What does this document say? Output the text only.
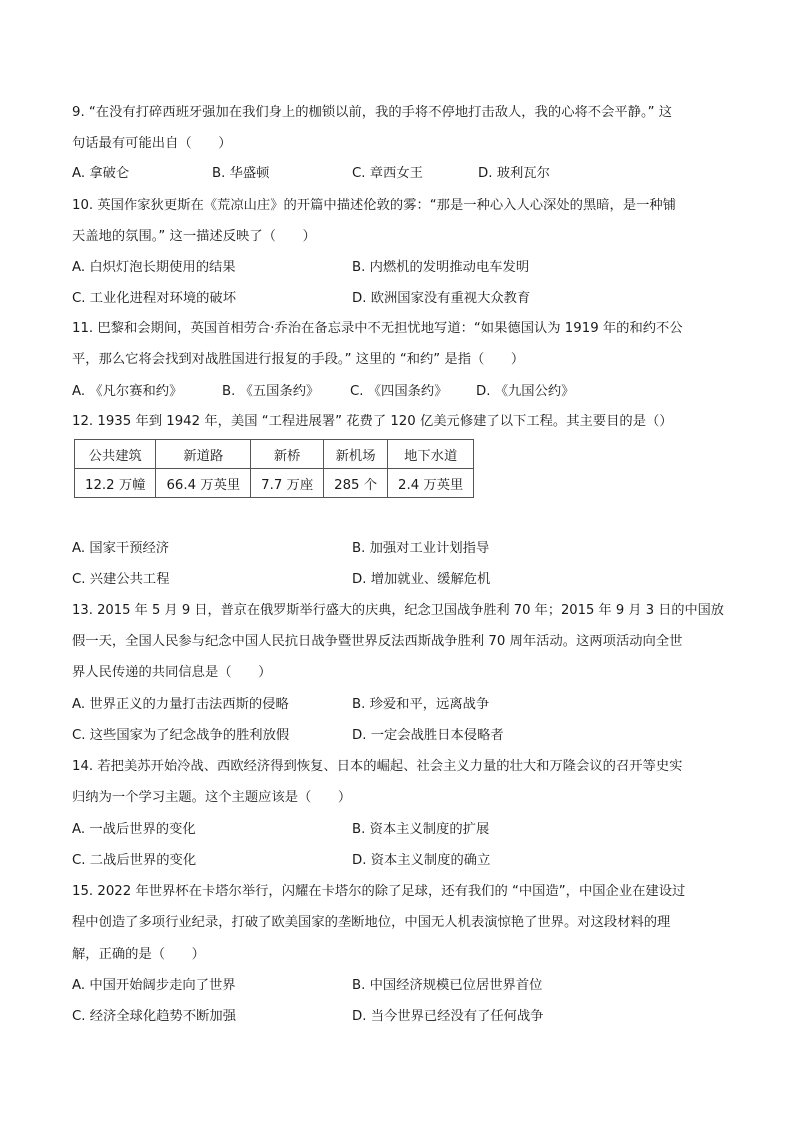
9. “在没有打碎西班牙强加在我们身上的枷锁以前，我的手将不停地打击敌人，我的心将不会平静。” 这
句话最有可能出自（　　）
A. 拿破仑	B. 华盛顿	C. 章西女王	D. 玻利瓦尔
10. 英国作家狄更斯在《荒凉山庄》的开篇中描述伦敦的雾：“那是一种心入人心深处的黑暗，是一种铺
天盖地的氛围。” 这一描述反映了（　　）
A. 白炽灯泡长期使用的结果	B. 内燃机的发明推动电车发明
C. 工业化进程对环境的破坏	D. 欧洲国家没有重视大众教育
11. 巴黎和会期间，英国首相劳合·乔治在备忘录中不无担忧地写道：“如果德国认为 1919 年的和约不公
平，那么它将会找到对战胜国进行报复的手段。” 这里的 “和约” 是指（　　）
A. 《凡尔赛和约》	B. 《五国条约》 C. 《四国条约》 D. 《九国公约》
12. 1935 年到 1942 年，美国 “工程进展署” 花费了 120 亿美元修建了以下工程。其主要目的是（）
公共建筑	新道路	新桥	新机场	地下水道
12.2 万幢	66.4 万英里	7.7 万座	285 个	2.4 万英里
A. 国家干预经济	B. 加强对工业计划指导
C. 兴建公共工程	D. 增加就业、缓解危机
13. 2015 年 5 月 9 日，普京在俄罗斯举行盛大的庆典，纪念卫国战争胜利 70 年；2015 年 9 月 3 日的中国放
假一天，全国人民参与纪念中国人民抗日战争暨世界反法西斯战争胜利 70 周年活动。这两项活动向全世
界人民传递的共同信息是（　　）
A. 世界正义的力量打击法西斯的侵略	B. 珍爱和平，远离战争
C. 这些国家为了纪念战争的胜利放假	D. 一定会战胜日本侵略者
14. 若把美苏开始冷战、西欧经济得到恢复、日本的崛起、社会主义力量的壮大和万隆会议的召开等史实
归纳为一个学习主题。这个主题应该是（　　）
A. 一战后世界的变化	B. 资本主义制度的扩展
C. 二战后世界的变化	D. 资本主义制度的确立
15. 2022 年世界杯在卡塔尔举行，闪耀在卡塔尔的除了足球，还有我们的 “中国造”，中国企业在建设过
程中创造了多项行业纪录，打破了欧美国家的垄断地位，中国无人机表演惊艳了世界。对这段材料的理
解，正确的是（　　）
A. 中国开始阔步走向了世界	B. 中国经济规模已位居世界首位
C. 经济全球化趋势不断加强	D. 当今世界已经没有了任何战争
